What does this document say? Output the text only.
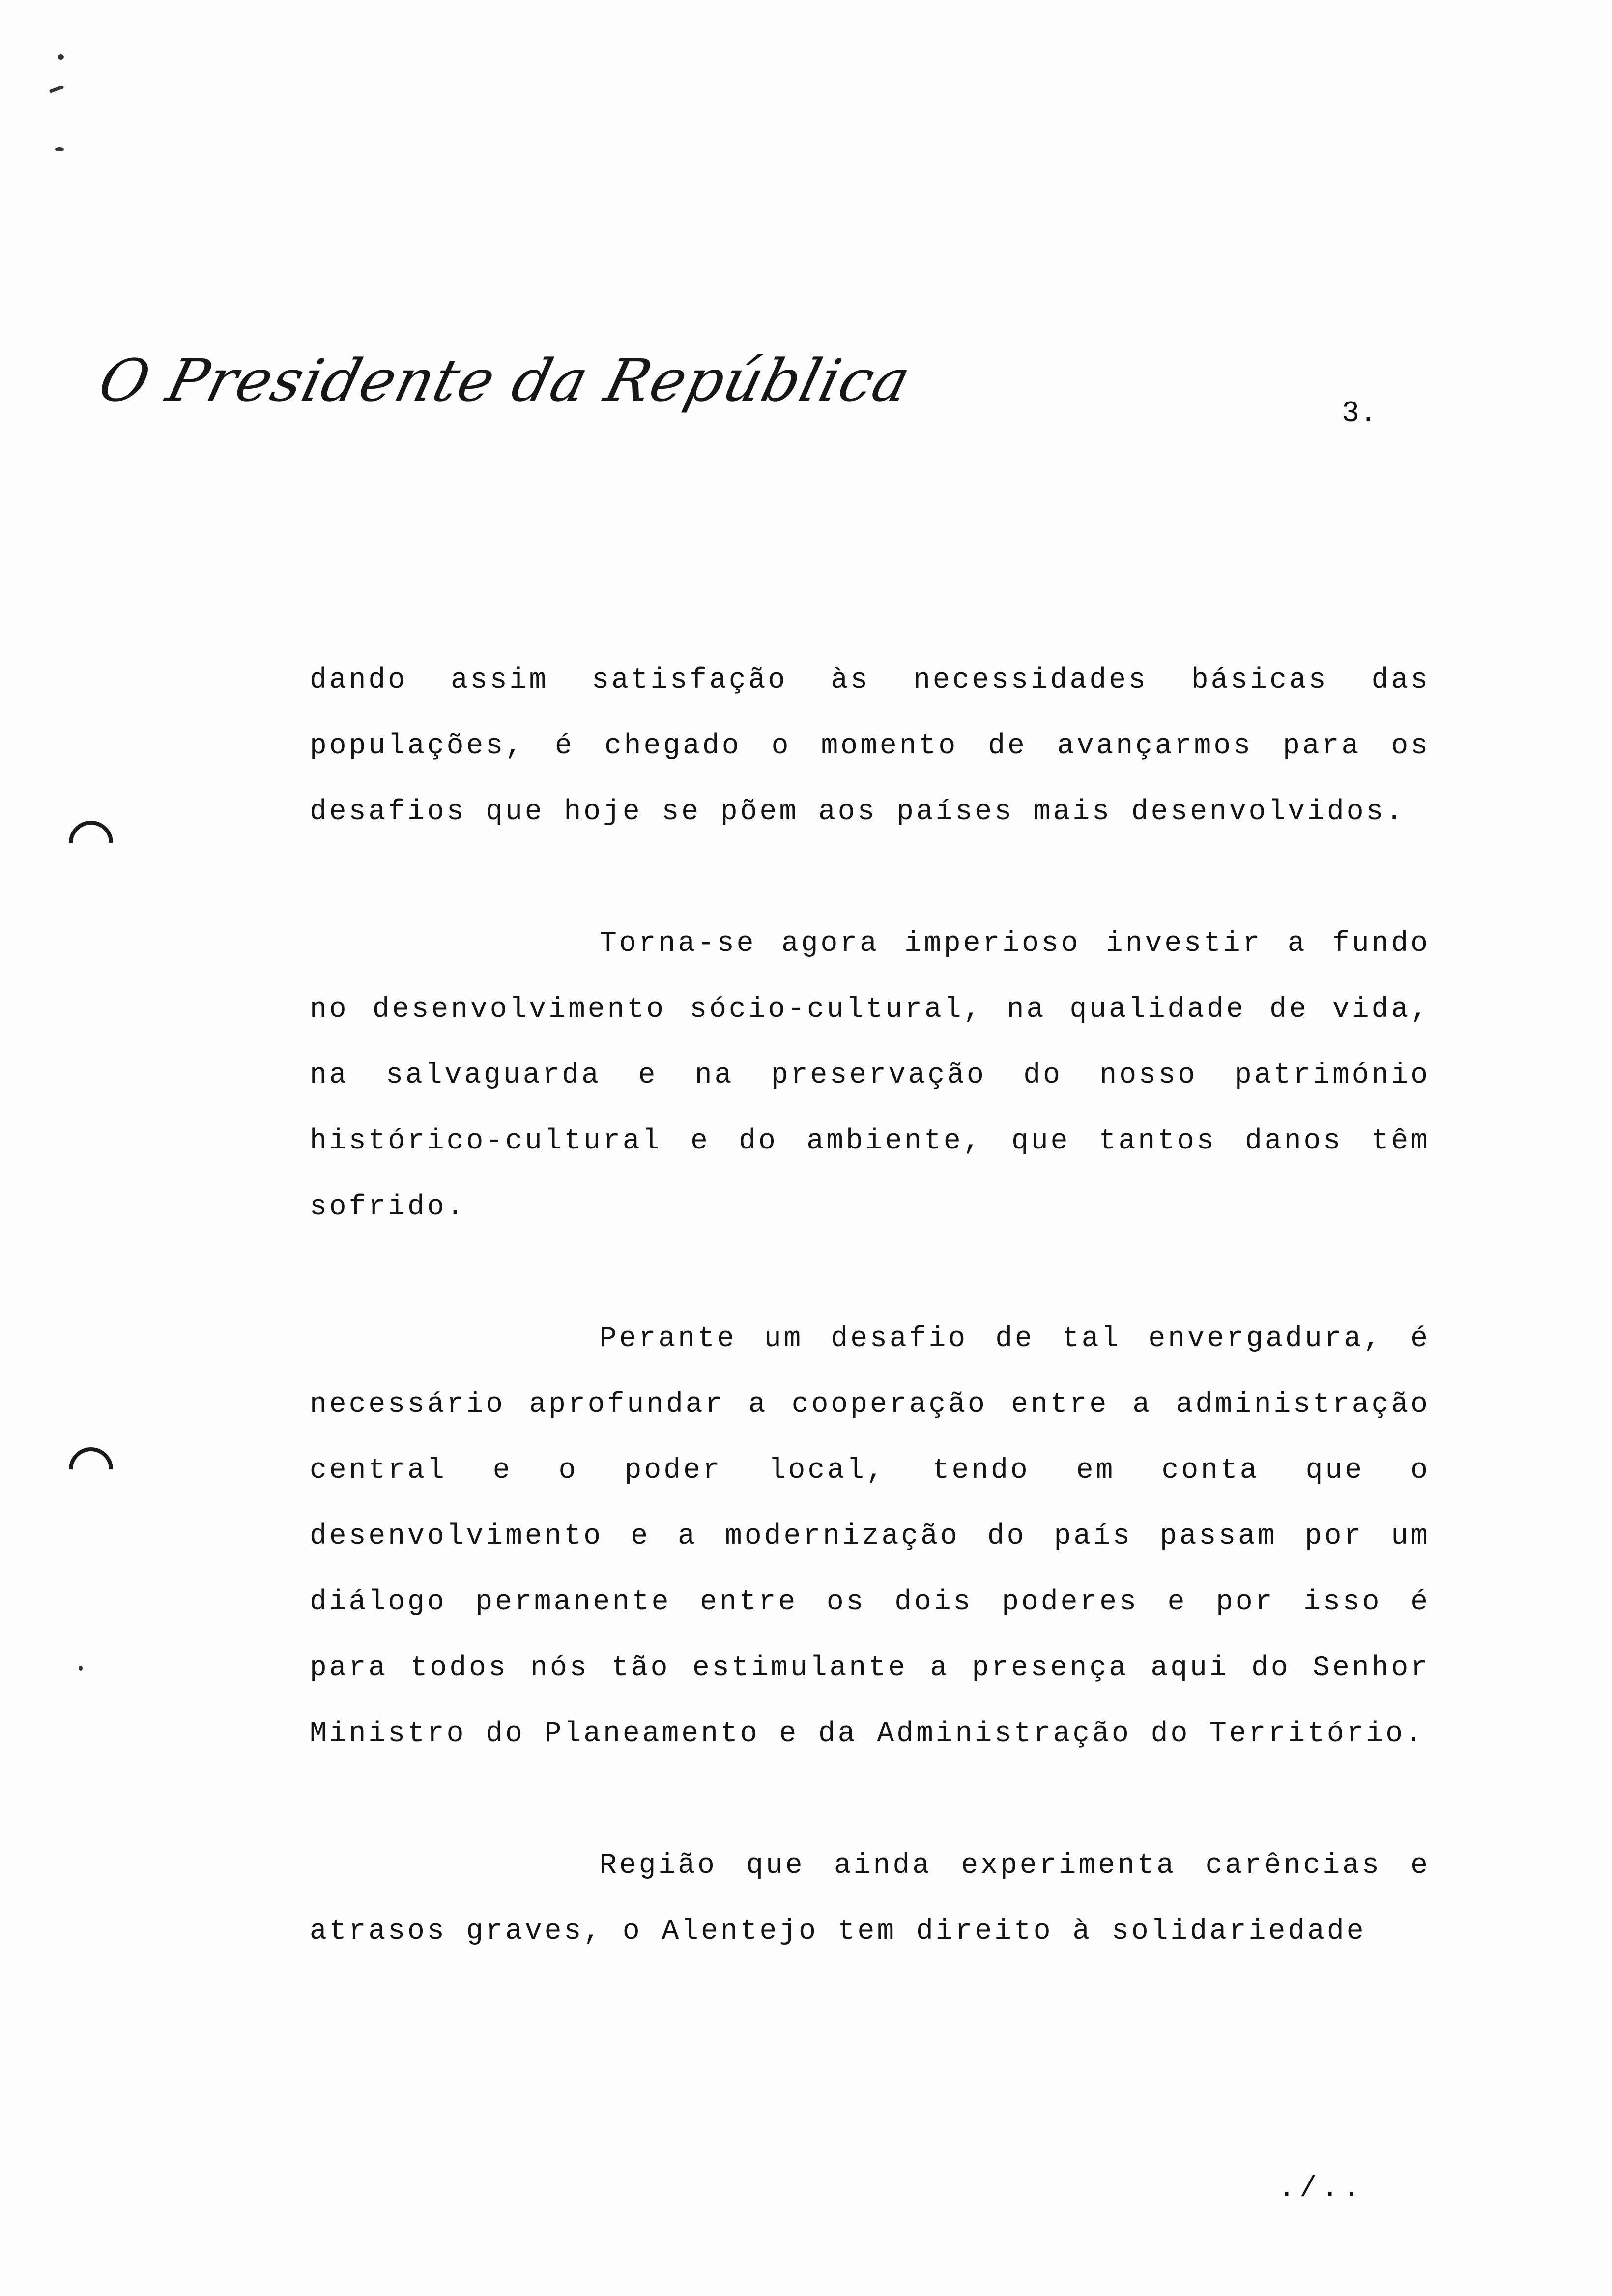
O Presidente da República	3.

dando assim satisfação às necessidades básicas das populações, é chegado o momento de avançarmos para os desafios que hoje se põem aos países mais desenvolvidos.

Torna-se agora imperioso investir a fundo no desenvolvimento sócio-cultural, na qualidade de vida, na salvaguarda e na preservação do nosso património histórico-cultural e do ambiente, que tantos danos têm sofrido.

Perante um desafio de tal envergadura, é necessário aprofundar a cooperação entre a administração central e o poder local, tendo em conta que o desenvolvimento e a modernização do país passam por um diálogo permanente entre os dois poderes e por isso é para todos nós tão estimulante a presença aqui do Senhor Ministro do Planeamento e da Administração do Território.

Região que ainda experimenta carências e atrasos graves, o Alentejo tem direito à solidariedade

./..
